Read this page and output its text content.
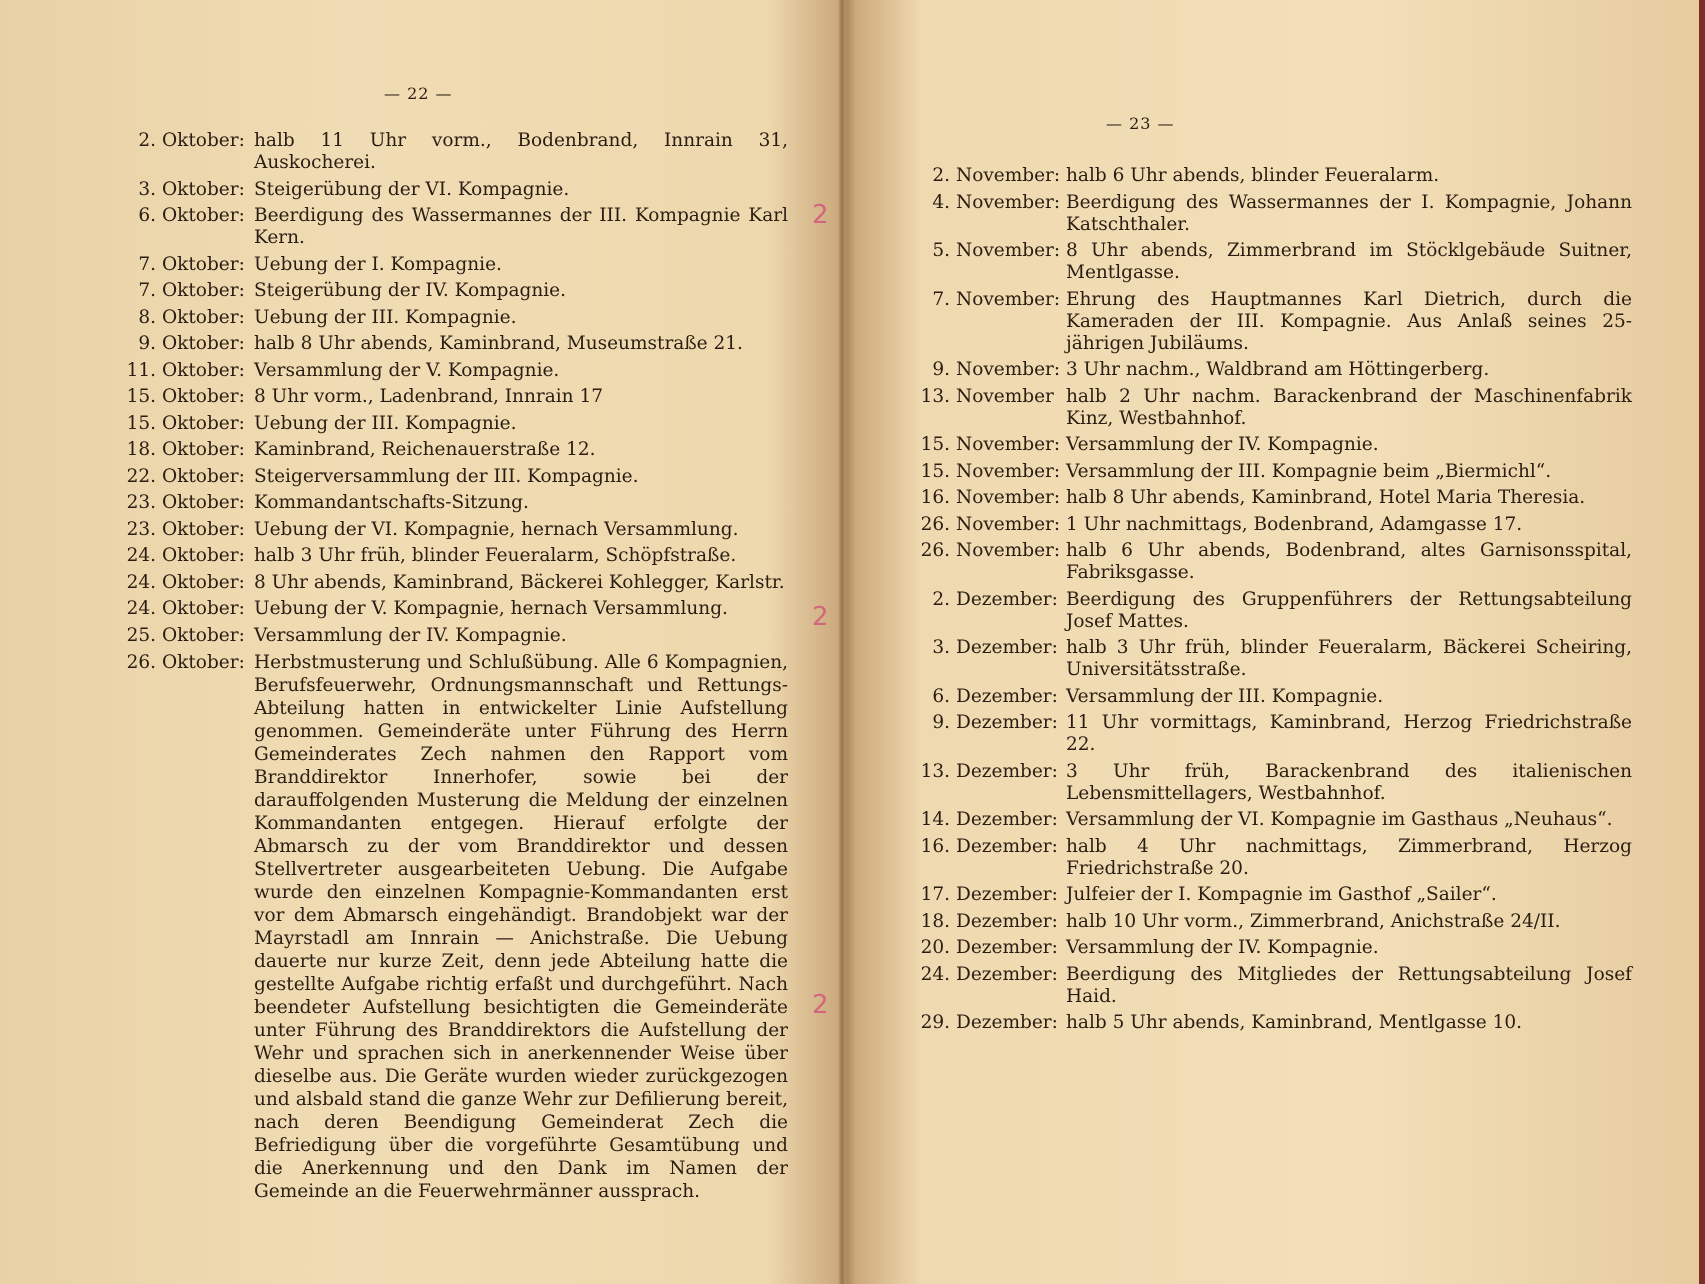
— 22 —
2. Oktober: halb 11 Uhr vorm., Bodenbrand, Innrain 31, Auskocherei.
3. Oktober: Steigerübung der VI. Kompagnie.
6. Oktober: Beerdigung des Wassermannes der III. Kompagnie Karl Kern.
7. Oktober: Uebung der I. Kompagnie.
7. Oktober: Steigerübung der IV. Kompagnie.
8. Oktober: Uebung der III. Kompagnie.
9. Oktober: halb 8 Uhr abends, Kaminbrand, Museumstraße 21.
11. Oktober: Versammlung der V. Kompagnie.
15. Oktober: 8 Uhr vorm., Ladenbrand, Innrain 17
15. Oktober: Uebung der III. Kompagnie.
18. Oktober: Kaminbrand, Reichenauerstraße 12.
22. Oktober: Steigerversammlung der III. Kompagnie.
23. Oktober: Kommandantschafts-Sitzung.
23. Oktober: Uebung der VI. Kompagnie, hernach Versammlung.
24. Oktober: halb 3 Uhr früh, blinder Feueralarm, Schöpfstraße.
24. Oktober: 8 Uhr abends, Kaminbrand, Bäckerei Kohlegger, Karlstr.
24. Oktober: Uebung der V. Kompagnie, hernach Versammlung.
25. Oktober: Versammlung der IV. Kompagnie.
26. Oktober: Herbstmusterung und Schlußübung. Alle 6 Kompagnien, Berufsfeuerwehr, Ordnungsmannschaft und Rettungs-Abteilung hatten in entwickelter Linie Aufstellung genommen. Gemeinderäte unter Führung des Herrn Gemeinderates Zech nahmen den Rapport vom Branddirektor Innerhofer, sowie bei der darauffolgenden Musterung die Meldung der einzelnen Kommandanten entgegen. Hierauf erfolgte der Abmarsch zu der vom Branddirektor und dessen Stellvertreter ausgearbeiteten Uebung. Die Aufgabe wurde den einzelnen Kompagnie-Kommandanten erst vor dem Abmarsch eingehändigt. Brandobjekt war der Mayrstadl am Innrain — Anichstraße. Die Uebung dauerte nur kurze Zeit, denn jede Abteilung hatte die gestellte Aufgabe richtig erfaßt und durchgeführt. Nach beendeter Aufstellung besichtigten die Gemeinderäte unter Führung des Branddirektors die Aufstellung der Wehr und sprachen sich in anerkennender Weise über dieselbe aus. Die Geräte wurden wieder zurückgezogen und alsbald stand die ganze Wehr zur Defilierung bereit, nach deren Beendigung Gemeinderat Zech die Befriedigung über die vorgeführte Gesamtübung und die Anerkennung und den Dank im Namen der Gemeinde an die Feuerwehrmänner aussprach.
— 23 —
2. November: halb 6 Uhr abends, blinder Feueralarm.
4. November: Beerdigung des Wassermannes der I. Kompagnie, Johann Katschthaler.
5. November: 8 Uhr abends, Zimmerbrand im Stöcklgebäude Suitner, Mentlgasse.
7. November: Ehrung des Hauptmannes Karl Dietrich, durch die Kameraden der III. Kompagnie. Aus Anlaß seines 25-jährigen Jubiläums.
9. November: 3 Uhr nachm., Waldbrand am Höttingerberg.
13. November halb 2 Uhr nachm. Barackenbrand der Maschinenfabrik Kinz, Westbahnhof.
15. November: Versammlung der IV. Kompagnie.
15. November: Versammlung der III. Kompagnie beim „Biermichl“.
16. November: halb 8 Uhr abends, Kaminbrand, Hotel Maria Theresia.
26. November: 1 Uhr nachmittags, Bodenbrand, Adamgasse 17.
26. November: halb 6 Uhr abends, Bodenbrand, altes Garnisonsspital, Fabriksgasse.
2. Dezember: Beerdigung des Gruppenführers der Rettungsabteilung Josef Mattes.
3. Dezember: halb 3 Uhr früh, blinder Feueralarm, Bäckerei Scheiring, Universitätsstraße.
6. Dezember: Versammlung der III. Kompagnie.
9. Dezember: 11 Uhr vormittags, Kaminbrand, Herzog Friedrichstraße 22.
13. Dezember: 3 Uhr früh, Barackenbrand des italienischen Lebensmittellagers, Westbahnhof.
14. Dezember: Versammlung der VI. Kompagnie im Gasthaus „Neuhaus“.
16. Dezember: halb 4 Uhr nachmittags, Zimmerbrand, Herzog Friedrichstraße 20.
17. Dezember: Julfeier der I. Kompagnie im Gasthof „Sailer“.
18. Dezember: halb 10 Uhr vorm., Zimmerbrand, Anichstraße 24/II.
20. Dezember: Versammlung der IV. Kompagnie.
24. Dezember: Beerdigung des Mitgliedes der Rettungsabteilung Josef Haid.
29. Dezember: halb 5 Uhr abends, Kaminbrand, Mentlgasse 10.
2
2
2
